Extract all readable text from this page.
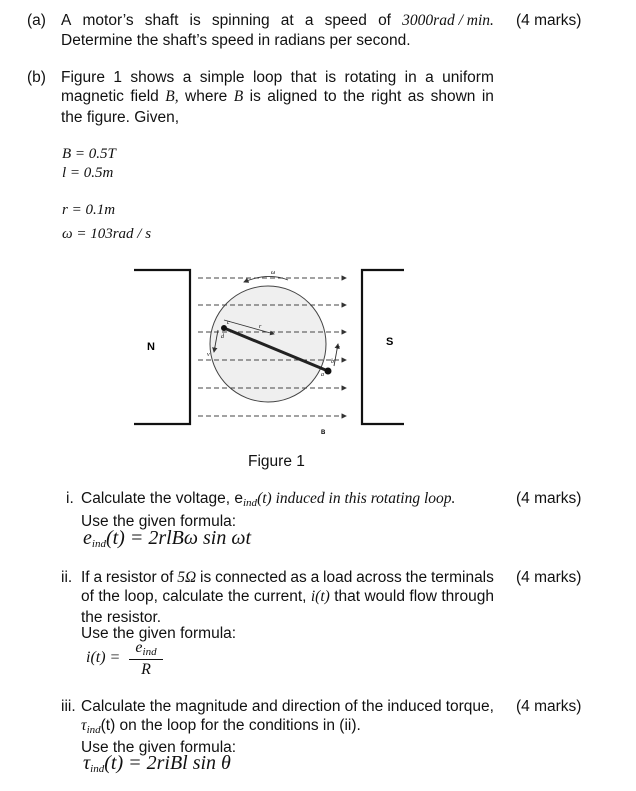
(a) A motor’s shaft is spinning at a speed of 3000rad / min.
Determine the shaft’s speed in radians per second.
(4 marks)
(b) Figure 1 shows a simple loop that is rotating in a uniform
magnetic field B, where B is aligned to the right as shown in
the figure. Given,
B = 0.5T
l = 0.5m
r = 0.1m
ω = 103rad / s
N	S
B
ω
r
v
v
c
d
a
b
Figure 1
i. Calculate the voltage, $e_{ind}(t)$ induced in this rotating loop.	(4 marks)
Use the given formula:
$e_{ind}(t) = 2rlB\omega$ sin ωt
ii. If a resistor of 5Ω is connected as a load across the terminals
of the loop, calculate the current, i(t) that would flow through
the resistor.
(4 marks)
Use the given formula:
i(t) =
$e_{ind}$
R
iii. Calculate the magnitude and direction of the induced torque,
$\tau_{ind}(t)$ on the loop for the conditions in (ii).
(4 marks)
Use the given formula:
$\tau_{ind}(t)$ = 2riBl sin θ
